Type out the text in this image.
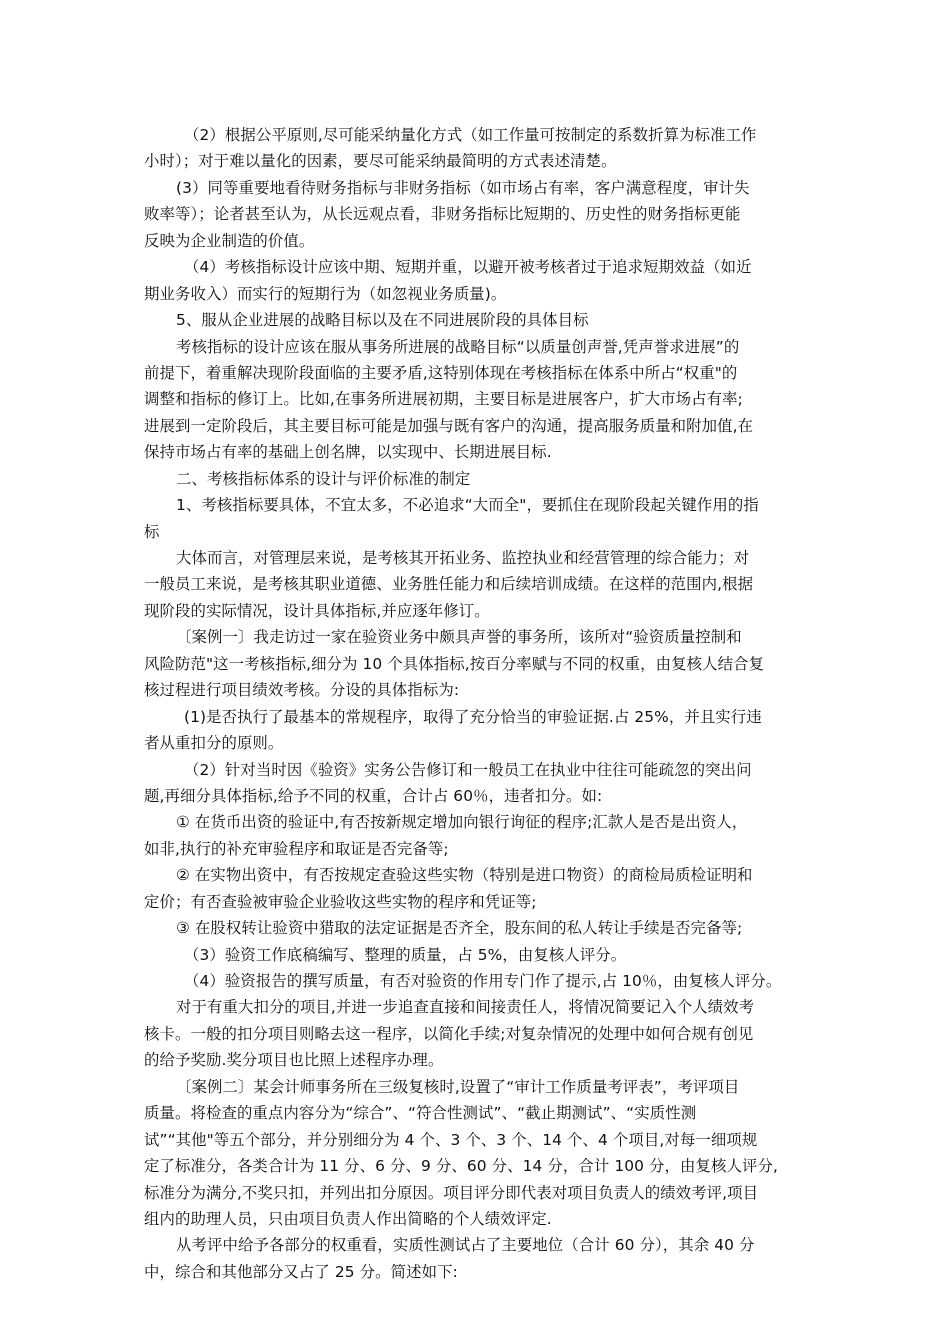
（2）根据公平原则,尽可能采纳量化方式（如工作量可按制定的系数折算为标准工作
小时）；对于难以量化的因素，要尽可能采纳最简明的方式表述清楚。
(3）同等重要地看待财务指标与非财务指标（如市场占有率，客户满意程度，审计失
败率等）；论者甚至认为，从长远观点看，非财务指标比短期的、历史性的财务指标更能
反映为企业制造的价值。
（4）考核指标设计应该中期、短期并重，以避开被考核者过于追求短期效益（如近
期业务收入）而实行的短期行为（如忽视业务质量)。
5、服从企业进展的战略目标以及在不同进展阶段的具体目标
考核指标的设计应该在服从事务所进展的战略目标“以质量创声誉,凭声誉求进展”的
前提下，着重解决现阶段面临的主要矛盾,这特别体现在考核指标在体系中所占“权重"的
调整和指标的修订上。比如,在事务所进展初期，主要目标是进展客户，扩大市场占有率;
进展到一定阶段后，其主要目标可能是加强与既有客户的沟通，提高服务质量和附加值,在
保持市场占有率的基础上创名牌，以实现中、长期进展目标.
二、考核指标体系的设计与评价标准的制定
1、考核指标要具体，不宜太多，不必追求“大而全"，要抓住在现阶段起关键作用的指
标
大体而言，对管理层来说，是考核其开拓业务、监控执业和经营管理的综合能力；对
一般员工来说，是考核其职业道德、业务胜任能力和后续培训成绩。在这样的范围内,根据
现阶段的实际情况，设计具体指标,并应逐年修订。
〔案例一〕我走访过一家在验资业务中颇具声誉的事务所，该所对“验资质量控制和
风险防范"这一考核指标,细分为 10 个具体指标,按百分率赋与不同的权重，由复核人结合复
核过程进行项目绩效考核。分设的具体指标为:
(1)是否执行了最基本的常规程序，取得了充分恰当的审验证据.占 25%，并且实行违
者从重扣分的原则。
（2）针对当时因《验资》实务公告修订和一般员工在执业中往往可能疏忽的突出问
题,再细分具体指标,给予不同的权重，合计占 60％，违者扣分。如:
① 在货币出资的验证中,有否按新规定增加向银行询征的程序;汇款人是否是出资人，
如非,执行的补充审验程序和取证是否完备等;
② 在实物出资中，有否按规定查验这些实物（特别是进口物资）的商检局质检证明和
定价；有否查验被审验企业验收这些实物的程序和凭证等;
③ 在股权转让验资中猎取的法定证据是否齐全，股东间的私人转让手续是否完备等;
（3）验资工作底稿编写、整理的质量，占 5%，由复核人评分。
（4）验资报告的撰写质量，有否对验资的作用专门作了提示,占 10％，由复核人评分。
对于有重大扣分的项目,并进一步追查直接和间接责任人，将情况简要记入个人绩效考
核卡。一般的扣分项目则略去这一程序，以简化手续;对复杂情况的处理中如何合规有创见
的给予奖励.奖分项目也比照上述程序办理。
〔案例二〕某会计师事务所在三级复核时,设置了“审计工作质量考评表”，考评项目
质量。将检查的重点内容分为“综合”、“符合性测试”、“截止期测试”、“实质性测
试”“其他"等五个部分，并分别细分为 4 个、3 个、3 个、14 个、4 个项目,对每一细项规
定了标准分，各类合计为 11 分、6 分、9 分、60 分、14 分，合计 100 分，由复核人评分,
标准分为满分,不奖只扣，并列出扣分原因。项目评分即代表对项目负责人的绩效考评,项目
组内的助理人员，只由项目负责人作出简略的个人绩效评定.
从考评中给予各部分的权重看，实质性测试占了主要地位（合计 60 分），其余 40 分
中，综合和其他部分又占了 25 分。简述如下:
